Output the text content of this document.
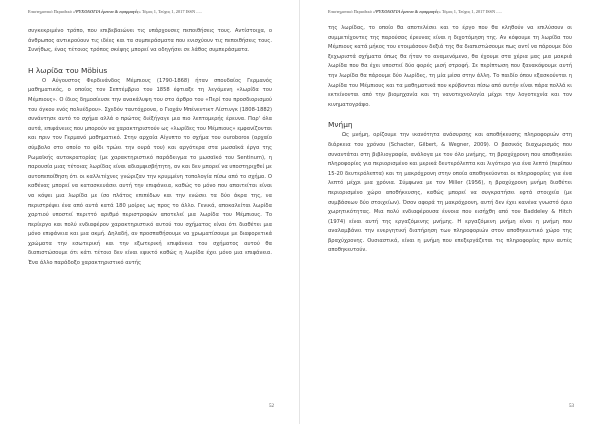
Επιστημονικό Περιοδικό «ΨΥΧΟΛΟΓΙΑ έρευνα & εφαρμογές» Τόμος 1, Τεύχος 1, 2017 ISSN .....

συγκεκριμένο τρόπο, που επιβεβαιώνει τις υπάρχουσες πεποιθήσεις τους. Αντίστοιχα, ο άνθρωπος αντικρούουν τις ιδέες και τα συμπεράσματα που ενισχύουν τις πεποιθήσεις τους. Συνήθως, ένας τέτοιος τρόπος σκέψης μπορεί να οδηγήσει σε λάθος συμπεράσματα.

Η λωρίδα του Möbius

Ο Αύγουστος Φερδινάνδος Μέμπιους (1790-1868) ήταν σπουδαίος Γερμανός μαθηματικός, ο οποίος τον Σεπτέμβριο του 1858 έφτιαξε τη λεγόμενη «λωρίδα του Μέμπιους». Ο ίδιος δημοσίευσε την ανακάλυψη του στο άρθρο του «Περί του προσδιορισμού του όγκου ενός πολυέδρου». Σχεδόν ταυτόχρονα, ο Γιοχάν Μπένεντικτ Λίστινγκ (1808-1882) συνάντησε αυτό το σχήμα αλλά ο πρώτος διέξήγαγε μια πιο λεπτομερής έρευνα. Παρ' όλα αυτά, επιφάνειες που μπορούν να χαρακτηριστούν ως «λωρίδες του Μέμπιους» εμφανίζονται και πριν τον Γερμανό μαθηματικό. Στην αρχαία Αίγυπτο το σχήμα του ouroboros (αρχαίο σύμβολο στο οποίο το φίδι τρώει την ουρά του) και αργότερα στα μωσαϊκά έργα της Ρωμαϊκής αυτοκρατορίας (με χαρακτηριστικό παράδειγμα το μωσαϊκό του Sentinum), η παρουσία μιας τέτοιας λωρίδας είναι αδιαμφισβήτητη, αν και δεν μπορεί να υποστηριχθεί με αυτοπεποίθηση ότι οι καλλιτέχνες γνώριζαν την κρυμμένη τοπολογία πίσω από το σχήμα. Ο καθένας μπορεί να κατασκευάσει αυτή την επιφάνεια, καθώς το μόνο που απαιτείται είναι να κόψει μια λωρίδα με ίσο πλάτος επιπέδων και την ενώσει τα δύο άκρα της, να περιστρέψει ένα από αυτά κατά 180 μοίρες ως προς το άλλο. Γενικά, αποκαλείται λωρίδα χαρτιού υποστεί περιττό αριθμό περιστροφών αποτελεί μια λωρίδα του Μέμπιους. Το περίεργο και πολύ ενδιαφέρον χαρακτηριστικό αυτού του σχήματος είναι ότι διαθέτει μια μόνο επιφάνεια και μια ακμή. Δηλαδή, αν προσπαθήσουμε να χρωματίσουμε με διαφορετικά χρώματα την εσωτερική και την εξωτερική επιφάνεια του σχήματος αυτού θα διαπιστώσουμε ότι κάτι τέτοιο δεν είναι εφικτό καθώς η λωρίδα έχει μόνο μια επιφάνεια. Ένα άλλο παράδοξο χαρακτηριστικό αυτής

52
Επιστημονικό Περιοδικό «ΨΥΧΟΛΟΓΙΑ έρευνα & εφαρμογές» Τόμος 1, Τεύχος 1, 2017 ISSN .....

της λωρίδας, το οποίο θα αποτελέσει και το έργο που θα κληθούν να επιλύσουν οι συμμετέχοντες της παρούσας έρευνας είναι η διχοτόμηση της. Αν κόψουμε τη λωρίδα του Μέμπιους κατά μήκος του ετοιμάσουν δεξιά της θα διαπιστώσουμε πως αντί να πάρουμε δύο ξεχωριστά σχήματα όπως θα ήταν το αναμενόμενο, θα έχουμε στα χέρια μας μια μακριά λωρίδα που θα έχει υποστεί δύο φορές μισή στροφή. Σε περίπτωση που ξανακόψουμε αυτή την λωρίδα θα πάρουμε δύο λωρίδες, τη μία μέσα στην άλλη. Το παιδίο όπου εξασκούνται η λωρίδα του Μέμπιους και τα μαθηματικά που κρύβονται πίσω από αυτήν είναι πάρα πολλά κι εκτείνονται από την βιομηχανία και τη νανοτεχνολογία μέχρι την λογοτεχνία και τον κινηματογράφο.

Μνήμη

Ως μνήμη, ορίζουμε την ικανότητα ανάσυρσης και αποθήκευσης πληροφοριών στη διάρκεια του χρόνου (Schacter, Gilbert, & Wegner, 2009). Ο βασικός διαχωρισμός που συναντάται στη βιβλιογραφία, ανάλογα με τον όλο μνήμης, τη βραχύχρονη που αποθηκεύει πληροφορίες για περιορισμένο και μερικά δευτερόλεπτα και λιγότερο για ένα λεπτό (περίπου 15-20 δευτερόλεπτα) και τη μακρόχρονη στην οποία αποθηκεύονται οι πληροφορίες για ένα λεπτό μέχρι μια χρόνια. Σύμφωνα με τον Miller (1956), η βραχύχρονη μνήμη διαθέτει περιορισμένο χώρο αποθήκευσης, καθώς μπορεί να συγκρατήσει εφτά στοιχεία (με συμβάσεων δύο στοιχείων). Όσον αφορά τη μακρόχρονη, αυτή δεν έχει κανένα γνωστό όριο χωρητικότητας. Μια πολύ ενδιαφέρουσα έννοια που εισήχθη από τον Baddeley & Hitch (1974) είναι αυτή της εργαζόμενης μνήμης. Η εργαζόμενη μνήμη είναι η μνήμη που αναλαμβάνει την ενεργητική διατήρηση των πληροφοριών στον αποθηκευτικό χώρο της βραχύχρονης. Ουσιαστικά, είναι η μνήμη που επεξεργάζεται τις πληροφορίες πριν αυτές αποθηκευτούν.

53
